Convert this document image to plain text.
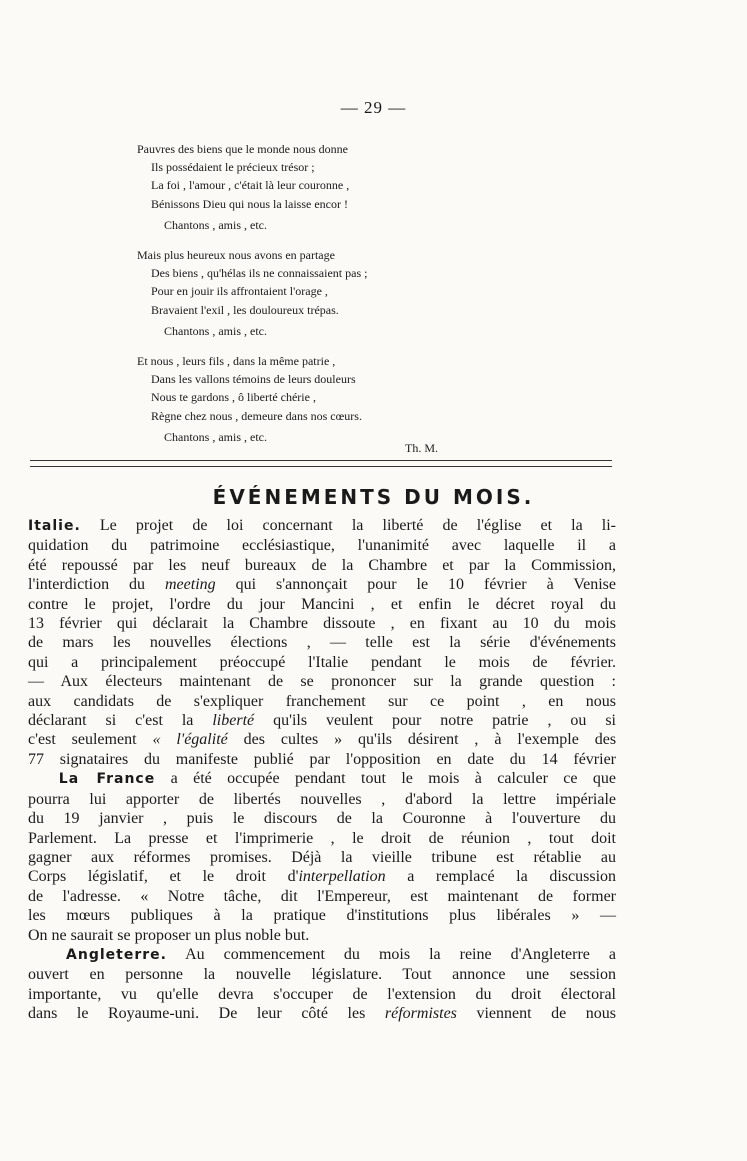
— 29 —
Pauvres des biens que le monde nous donne
Ils possédaient le précieux trésor ;
La foi , l'amour , c'était là leur couronne ,
Bénissons Dieu qui nous la laisse encor !
Chantons , amis , etc.
Mais plus heureux nous avons en partage
Des biens , qu'hélas ils ne connaissaient pas ;
Pour en jouir ils affrontaient l'orage ,
Bravaient l'exil , les douloureux trépas.
Chantons , amis , etc.
Et nous , leurs fils , dans la même patrie ,
Dans les vallons témoins de leurs douleurs
Nous te gardons , ô liberté chérie ,
Règne chez nous , demeure dans nos cœurs.
Chantons , amis , etc.
Th. M.
ÉVÉNEMENTS DU MOIS.
Italie. Le projet de loi concernant la liberté de l'église et la li-
quidation du patrimoine ecclésiastique, l'unanimité avec laquelle il a
été repoussé par les neuf bureaux de la Chambre et par la Commission,
l'interdiction du meeting qui s'annonçait pour le 10 février à Venise
contre le projet, l'ordre du jour Mancini , et enfin le décret royal du
13 février qui déclarait la Chambre dissoute , en fixant au 10 du mois
de mars les nouvelles élections , — telle est la série d'événements
qui a principalement préoccupé l'Italie pendant le mois de février.
— Aux électeurs maintenant de se prononcer sur la grande question :
aux candidats de s'expliquer franchement sur ce point , en nous
déclarant si c'est la liberté qu'ils veulent pour notre patrie , ou si
c'est seulement « l'égalité des cultes » qu'ils désirent , à l'exemple des
77 signataires du manifeste publié par l'opposition en date du 14 février
La France a été occupée pendant tout le mois à calculer ce que
pourra lui apporter de libertés nouvelles , d'abord la lettre impériale
du 19 janvier , puis le discours de la Couronne à l'ouverture du
Parlement. La presse et l'imprimerie , le droit de réunion , tout doit
gagner aux réformes promises. Déjà la vieille tribune est rétablie au
Corps législatif, et le droit d'interpellation a remplacé la discussion
de l'adresse. « Notre tâche, dit l'Empereur, est maintenant de former
les mœurs publiques à la pratique d'institutions plus libérales » —
On ne saurait se proposer un plus noble but.
Angleterre. Au commencement du mois la reine d'Angleterre a
ouvert en personne la nouvelle législature. Tout annonce une session
importante, vu qu'elle devra s'occuper de l'extension du droit électoral
dans le Royaume-uni. De leur côté les réformistes viennent de nous
